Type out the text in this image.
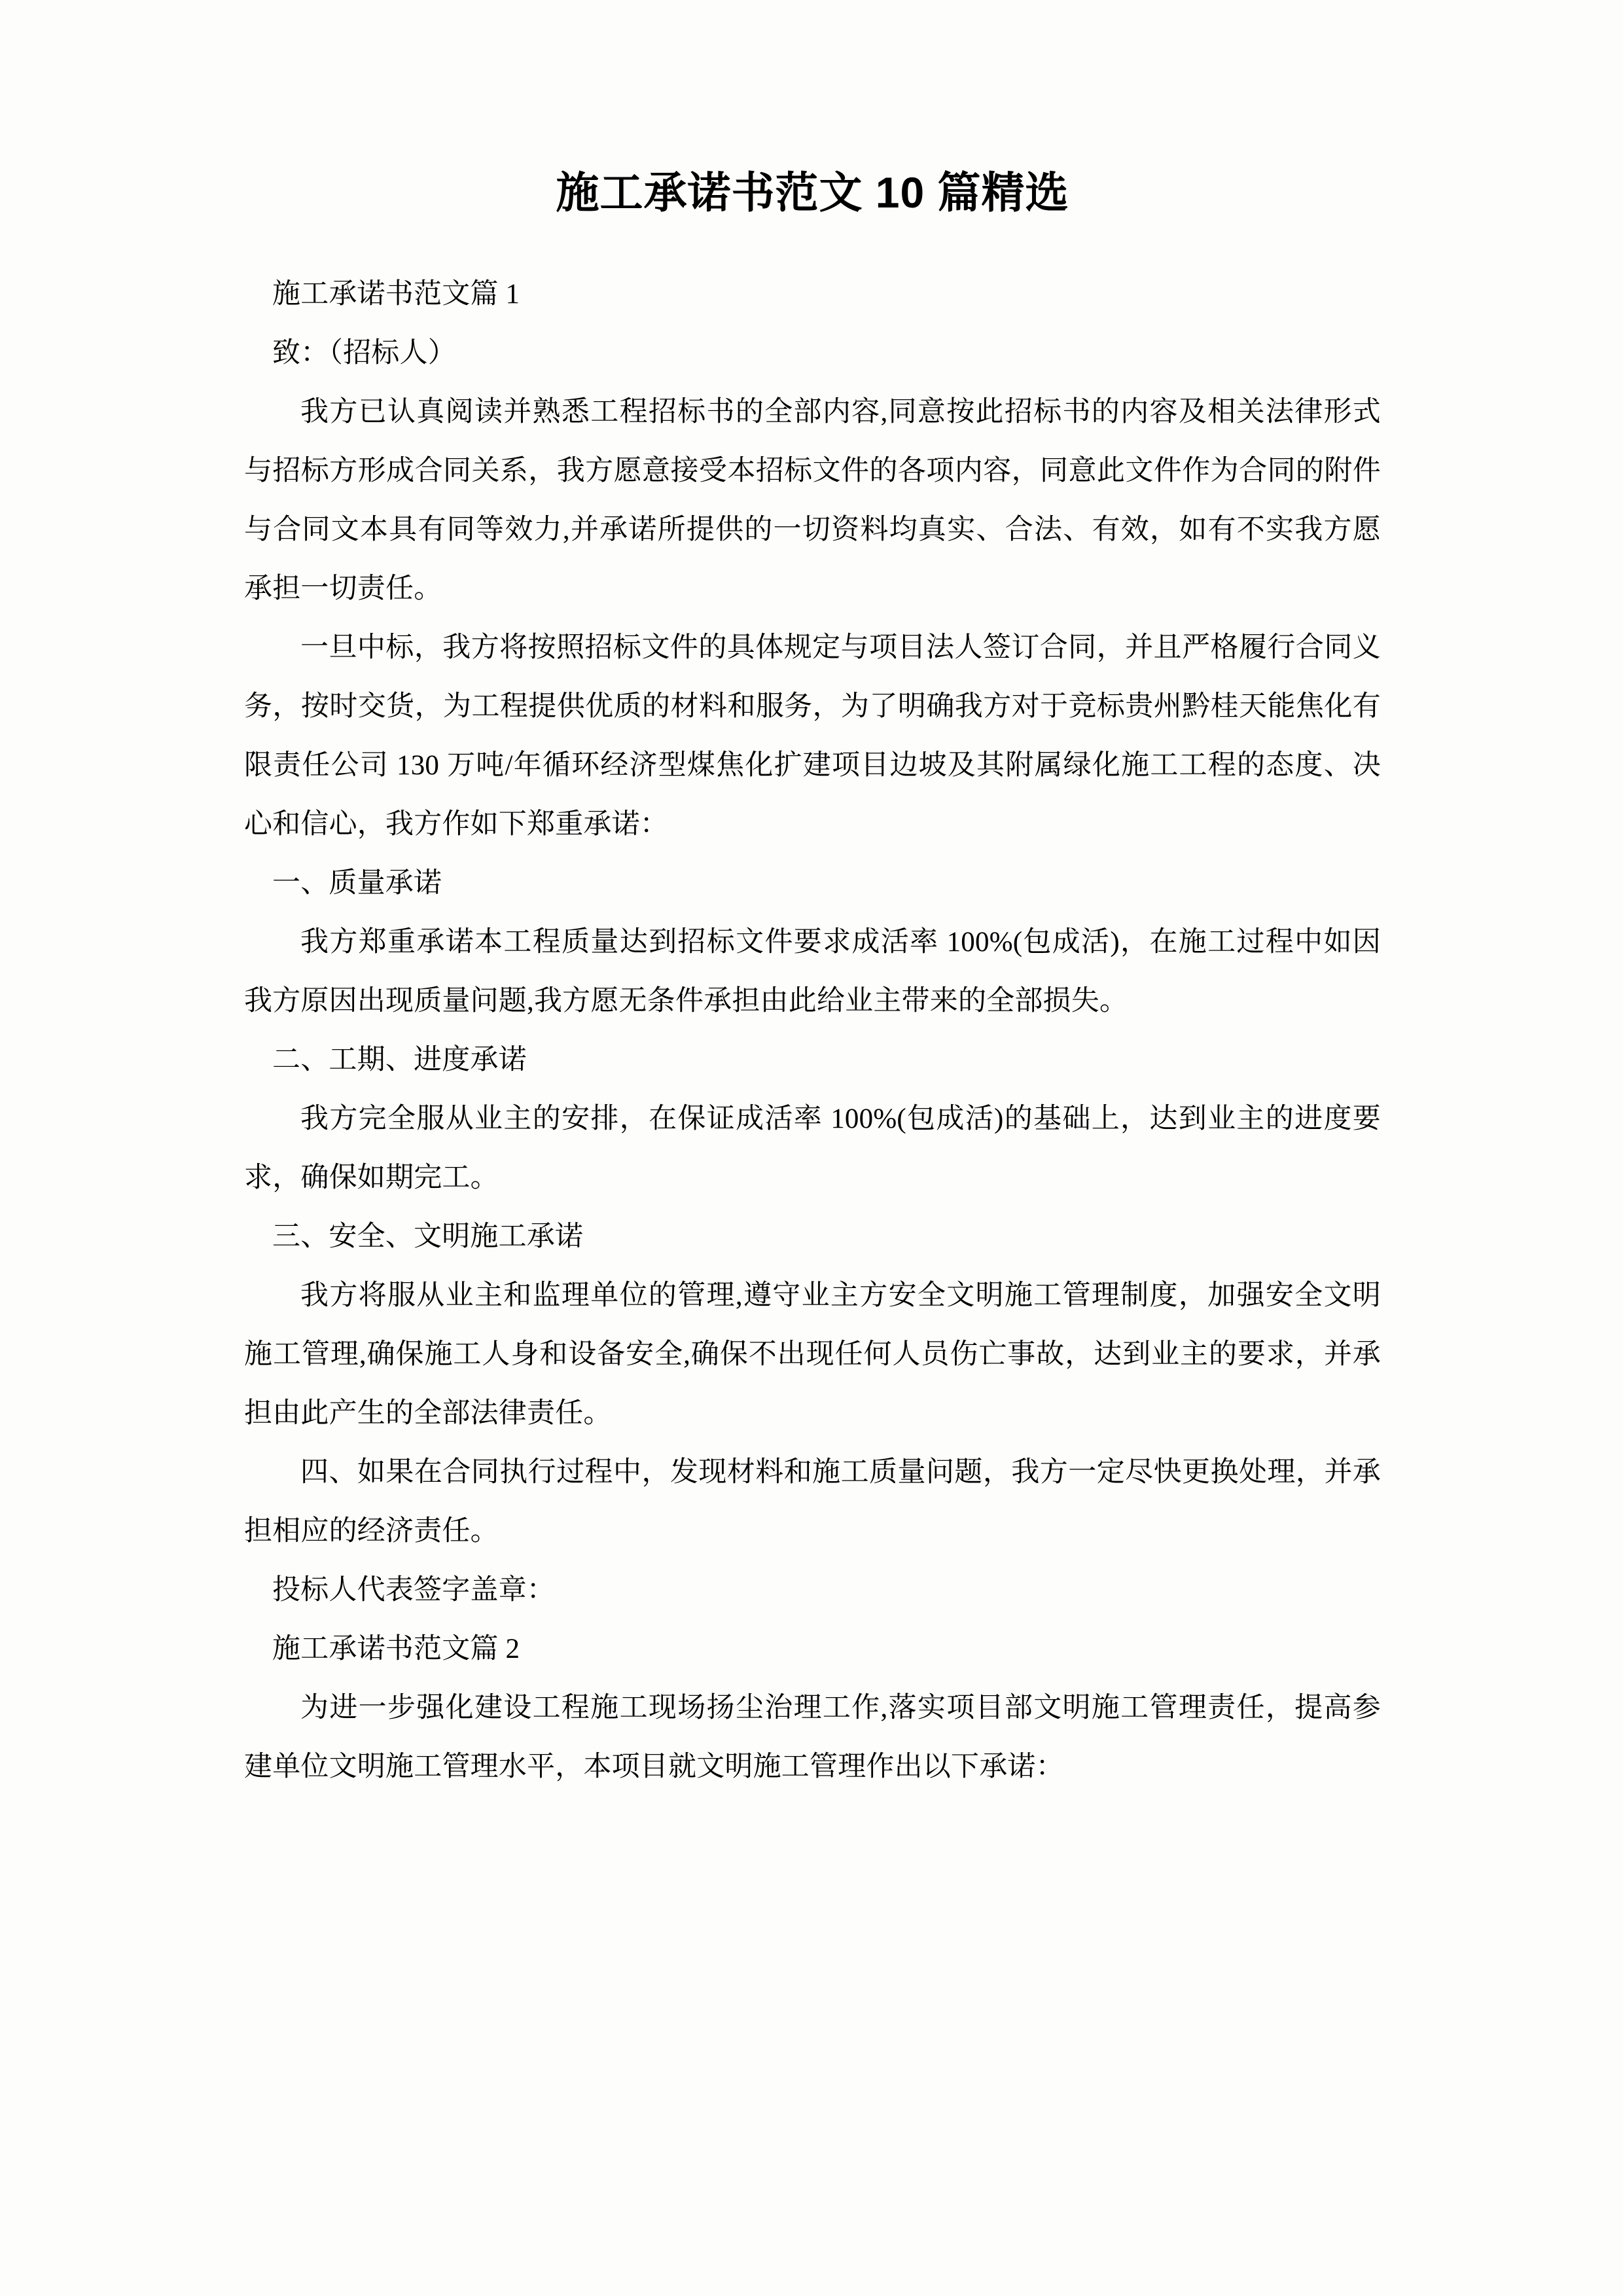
施工承诺书范文 10 篇精选

施工承诺书范文篇 1

致：（招标人）

我方已认真阅读并熟悉工程招标书的全部内容,同意按此招标书的内容及相关法律形式与招标方形成合同关系，我方愿意接受本招标文件的各项内容，同意此文件作为合同的附件与合同文本具有同等效力,并承诺所提供的一切资料均真实、合法、有效，如有不实我方愿承担一切责任。

一旦中标，我方将按照招标文件的具体规定与项目法人签订合同，并且严格履行合同义务，按时交货，为工程提供优质的材料和服务，为了明确我方对于竞标贵州黔桂天能焦化有限责任公司 130 万吨/年循环经济型煤焦化扩建项目边坡及其附属绿化施工工程的态度、决心和信心，我方作如下郑重承诺：

一、质量承诺

我方郑重承诺本工程质量达到招标文件要求成活率 100%(包成活)，在施工过程中如因我方原因出现质量问题,我方愿无条件承担由此给业主带来的全部损失。

二、工期、进度承诺

我方完全服从业主的安排，在保证成活率 100%(包成活)的基础上，达到业主的进度要求，确保如期完工。

三、安全、文明施工承诺

我方将服从业主和监理单位的管理,遵守业主方安全文明施工管理制度，加强安全文明施工管理,确保施工人身和设备安全,确保不出现任何人员伤亡事故，达到业主的要求，并承担由此产生的全部法律责任。

四、如果在合同执行过程中，发现材料和施工质量问题，我方一定尽快更换处理，并承担相应的经济责任。

投标人代表签字盖章：

施工承诺书范文篇 2

为进一步强化建设工程施工现场扬尘治理工作,落实项目部文明施工管理责任，提高参建单位文明施工管理水平，本项目就文明施工管理作出以下承诺：
